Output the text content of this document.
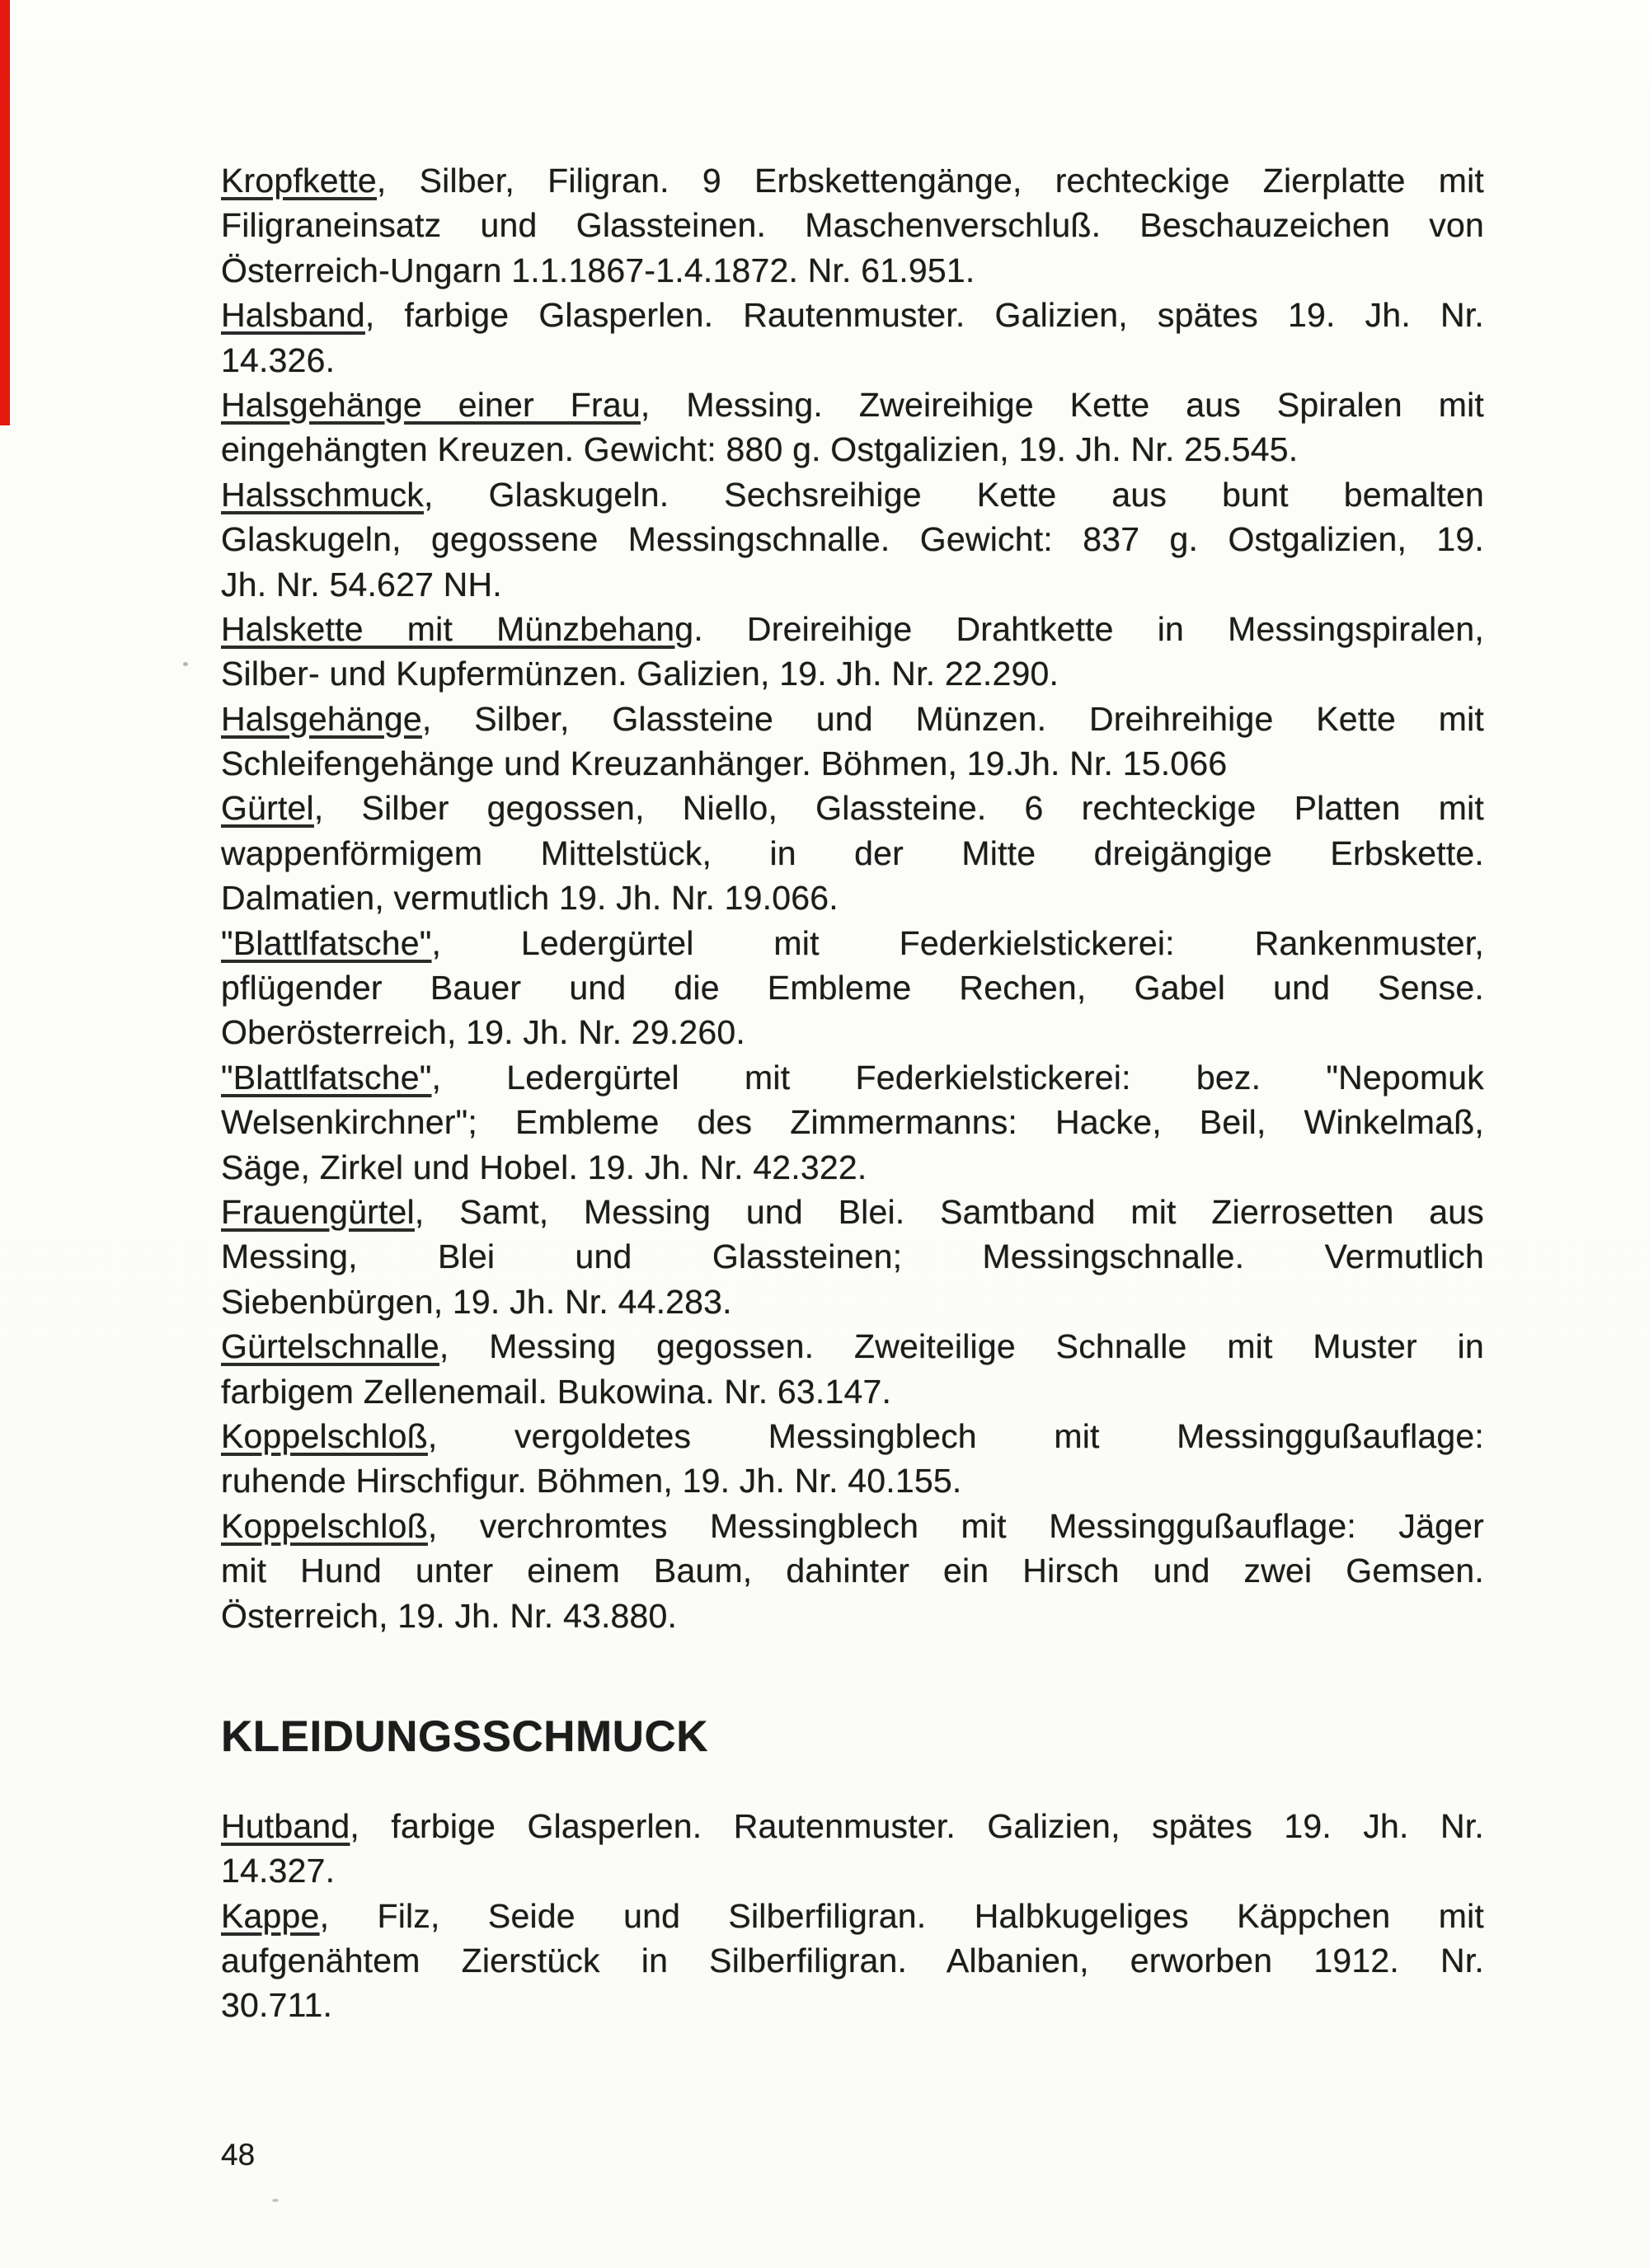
Kropfkette, Silber, Filigran. 9 Erbskettengänge, rechteckige Zierplatte mit
Filigraneinsatz und Glassteinen. Maschenverschluß. Beschauzeichen von
Österreich-Ungarn 1.1.1867-1.4.1872. Nr. 61.951.

Halsband, farbige Glasperlen. Rautenmuster. Galizien, spätes 19. Jh. Nr.
14.326.

Halsgehänge einer Frau, Messing. Zweireihige Kette aus Spiralen mit
eingehängten Kreuzen. Gewicht: 880 g. Ostgalizien, 19. Jh. Nr. 25.545.

Halsschmuck, Glaskugeln. Sechsreihige Kette aus bunt bemalten
Glaskugeln, gegossene Messingschnalle. Gewicht: 837 g. Ostgalizien, 19.
Jh. Nr. 54.627 NH.

Halskette mit Münzbehang. Dreireihige Drahtkette in Messingspiralen,
Silber- und Kupfermünzen. Galizien, 19. Jh. Nr. 22.290.

Halsgehänge, Silber, Glassteine und Münzen. Dreihreihige Kette mit
Schleifengehänge und Kreuzanhänger. Böhmen, 19.Jh. Nr. 15.066

Gürtel, Silber gegossen, Niello, Glassteine. 6 rechteckige Platten mit
wappenförmigem Mittelstück, in der Mitte dreigängige Erbskette.
Dalmatien, vermutlich 19. Jh. Nr. 19.066.

"Blattlfatsche", Ledergürtel mit Federkielstickerei: Rankenmuster,
pflügender Bauer und die Embleme Rechen, Gabel und Sense.
Oberösterreich, 19. Jh. Nr. 29.260.

"Blattlfatsche", Ledergürtel mit Federkielstickerei: bez. "Nepomuk
Welsenkirchner"; Embleme des Zimmermanns: Hacke, Beil, Winkelmaß,
Säge, Zirkel und Hobel. 19. Jh. Nr. 42.322.

Frauengürtel, Samt, Messing und Blei. Samtband mit Zierrosetten aus
Messing, Blei und Glassteinen; Messingschnalle. Vermutlich
Siebenbürgen, 19. Jh. Nr. 44.283.

Gürtelschnalle, Messing gegossen. Zweiteilige Schnalle mit Muster in
farbigem Zellenemail. Bukowina. Nr. 63.147.

Koppelschloß, vergoldetes Messingblech mit Messinggußauflage:
ruhende Hirschfigur. Böhmen, 19. Jh. Nr. 40.155.

Koppelschloß, verchromtes Messingblech mit Messinggußauflage: Jäger
mit Hund unter einem Baum, dahinter ein Hirsch und zwei Gemsen.
Österreich, 19. Jh. Nr. 43.880.

KLEIDUNGSSCHMUCK

Hutband, farbige Glasperlen. Rautenmuster. Galizien, spätes 19. Jh. Nr.
14.327.

Kappe, Filz, Seide und Silberfiligran. Halbkugeliges Käppchen mit
aufgenähtem Zierstück in Silberfiligran. Albanien, erworben 1912. Nr.
30.711.

48
